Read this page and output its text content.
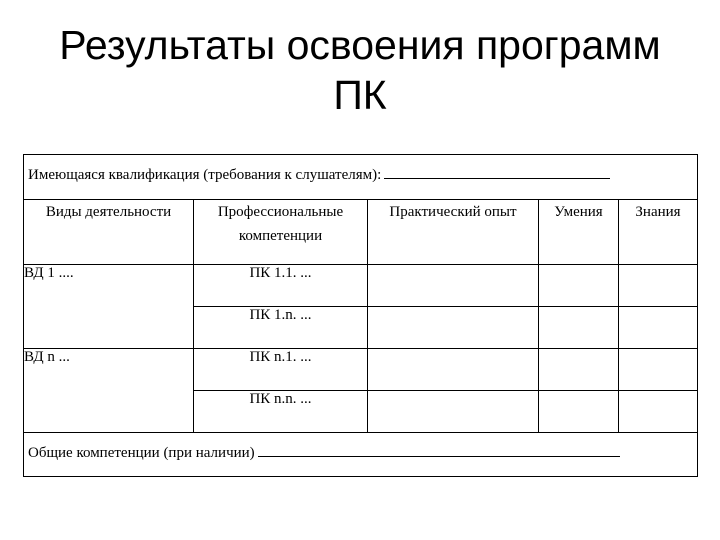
Результаты освоения программ
ПК
Имеющаяся квалификация (требования к слушателям):				

Виды деятельности	Профессиональные компетенции	Практический опыт	Умения	Знания
ВД 1 ....	ПК 1.1. ...			
	ПК 1.n. ...			
ВД n ...	ПК n.1. ...			
	ПК n.n. ...			

Общие компетенции (при наличии)				
